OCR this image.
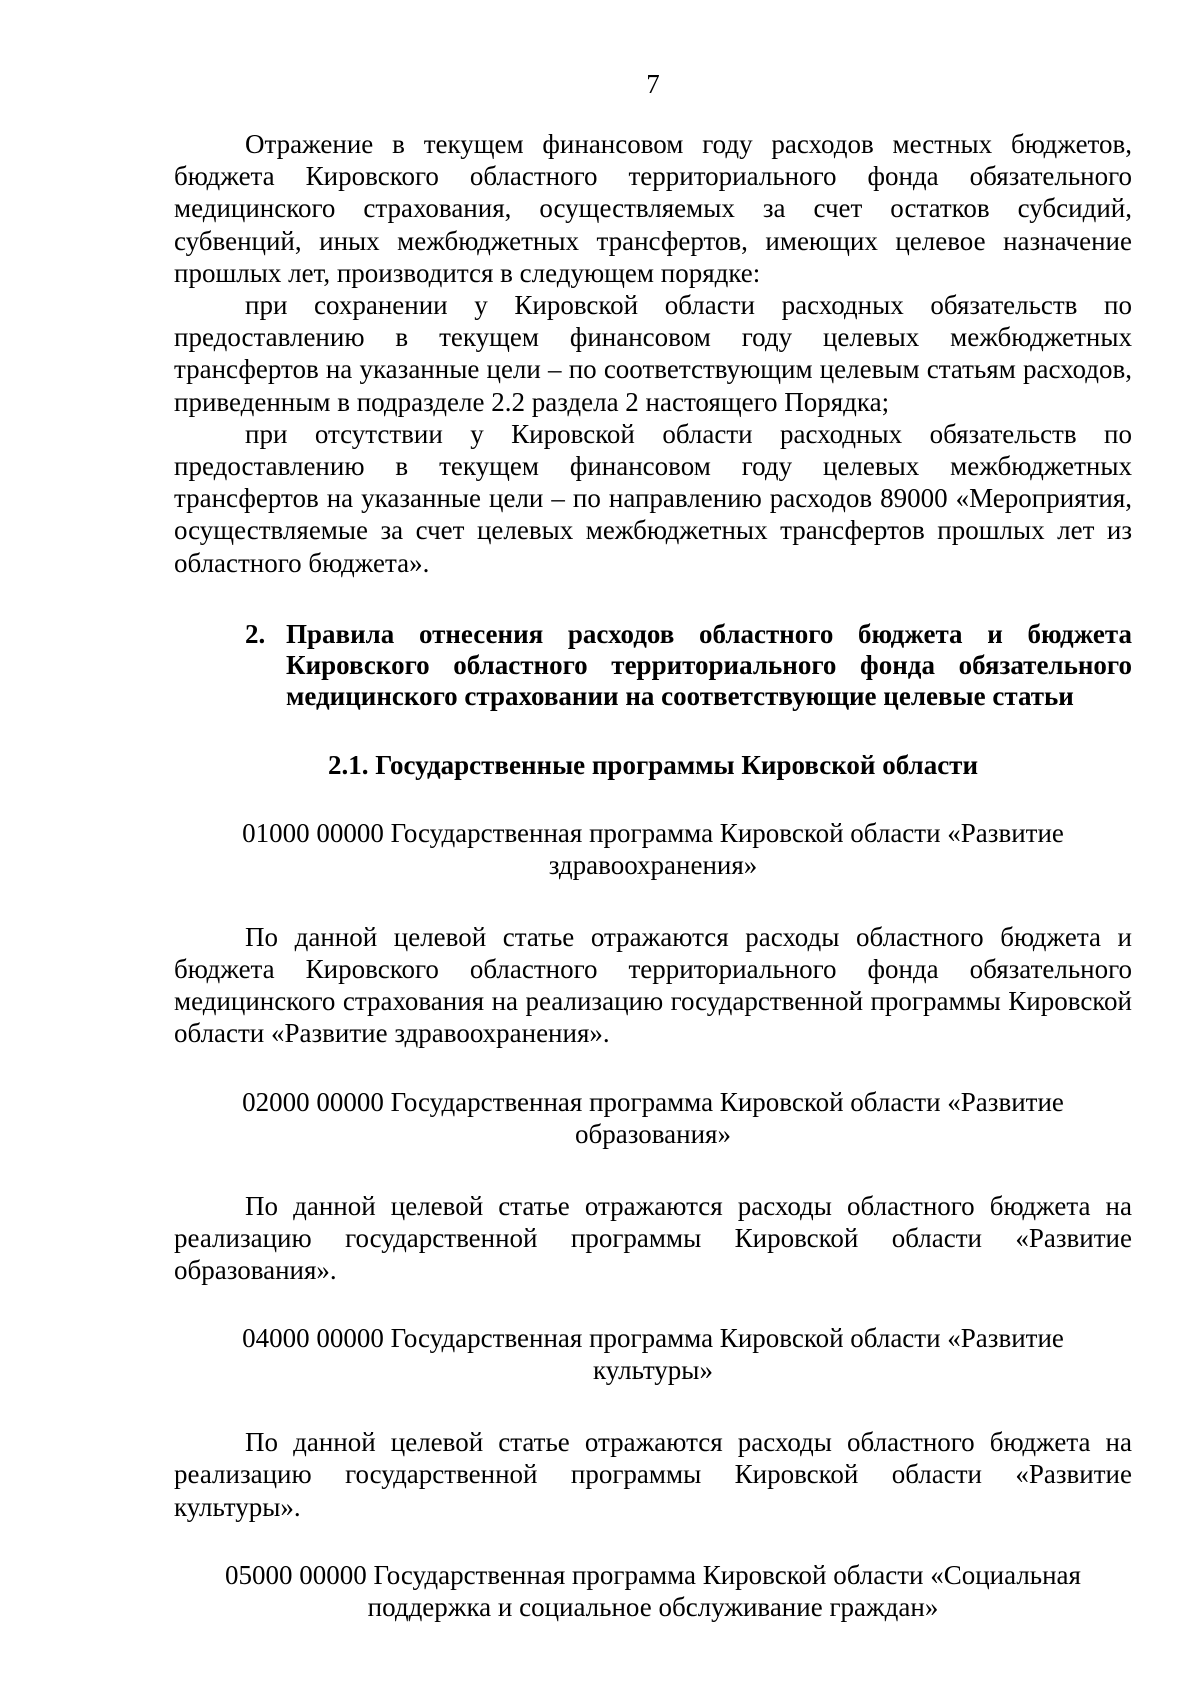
7

Отражение в текущем финансовом году расходов местных бюджетов, бюджета Кировского областного территориального фонда обязательного медицинского страхования, осуществляемых за счет остатков субсидий, субвенций, иных межбюджетных трансфертов, имеющих целевое назначение прошлых лет, производится в следующем порядке:

при сохранении у Кировской области расходных обязательств по предоставлению в текущем финансовом году целевых межбюджетных трансфертов на указанные цели – по соответствующим целевым статьям расходов, приведенным в подразделе 2.2 раздела 2 настоящего Порядка;

при отсутствии у Кировской области расходных обязательств по предоставлению в текущем финансовом году целевых межбюджетных трансфертов на указанные цели – по направлению расходов 89000 «Мероприятия, осуществляемые за счет целевых межбюджетных трансфертов прошлых лет из областного бюджета».

2. Правила отнесения расходов областного бюджета и бюджета Кировского областного территориального фонда обязательного медицинского страховании на соответствующие целевые статьи
2.1. Государственные программы Кировской области
01000 00000 Государственная программа Кировской области «Развитие здравоохранения»

По данной целевой статье отражаются расходы областного бюджета и бюджета Кировского областного территориального фонда обязательного медицинского страхования на реализацию государственной программы Кировской области «Развитие здравоохранения».

02000 00000 Государственная программа Кировской области «Развитие образования»

По данной целевой статье отражаются расходы областного бюджета на реализацию государственной программы Кировской области «Развитие образования».

04000 00000 Государственная программа Кировской области «Развитие культуры»

По данной целевой статье отражаются расходы областного бюджета на реализацию государственной программы Кировской области «Развитие культуры».

05000 00000 Государственная программа Кировской области «Социальная поддержка и социальное обслуживание граждан»
